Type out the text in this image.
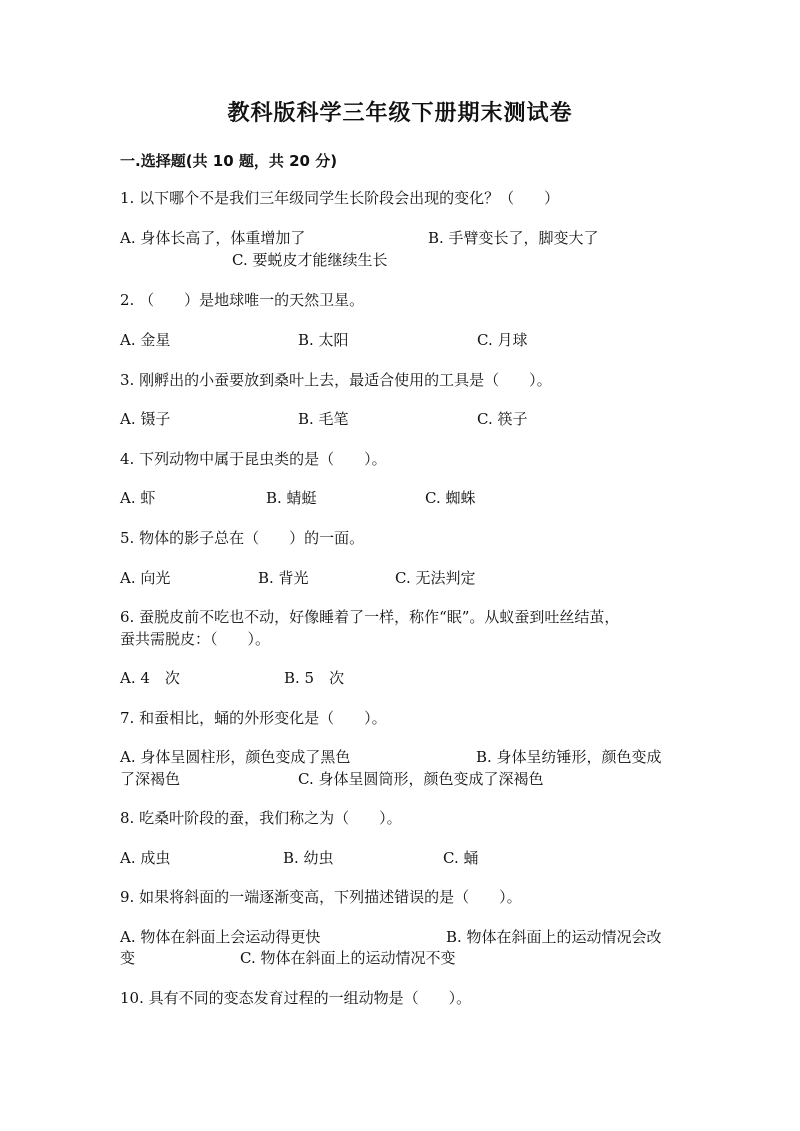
教科版科学三年级下册期末测试卷
一.选择题(共 10 题，共 20 分)
1. 以下哪个不是我们三年级同学生长阶段会出现的变化？（　　）
A. 身体长高了，体重增加了	B. 手臂变长了，脚变大了
C. 要蜕皮才能继续生长
2. （　　）是地球唯一的天然卫星。
A. 金星	B. 太阳	C. 月球
3. 刚孵出的小蚕要放到桑叶上去，最适合使用的工具是（　　）。
A. 镊子	B. 毛笔	C. 筷子
4. 下列动物中属于昆虫类的是（　　）。
A. 虾	B. 蜻蜓	C. 蜘蛛
5. 物体的影子总在（　　）的一面。
A. 向光	B. 背光	C. 无法判定
6. 蚕脱皮前不吃也不动，好像睡着了一样，称作“眠”。从蚁蚕到吐丝结茧，
蚕共需脱皮：（　　）。
A. 4　次	B. 5　次
7. 和蚕相比，蛹的外形变化是（　　）。
A. 身体呈圆柱形，颜色变成了黑色	B. 身体呈纺锤形，颜色变成
了深褐色	C. 身体呈圆筒形，颜色变成了深褐色
8. 吃桑叶阶段的蚕，我们称之为（　　）。
A. 成虫	B. 幼虫	C. 蛹
9. 如果将斜面的一端逐渐变高，下列描述错误的是（　　）。
A. 物体在斜面上会运动得更快	B. 物体在斜面上的运动情况会改
变	C. 物体在斜面上的运动情况不变
10. 具有不同的变态发育过程的一组动物是（　　）。
